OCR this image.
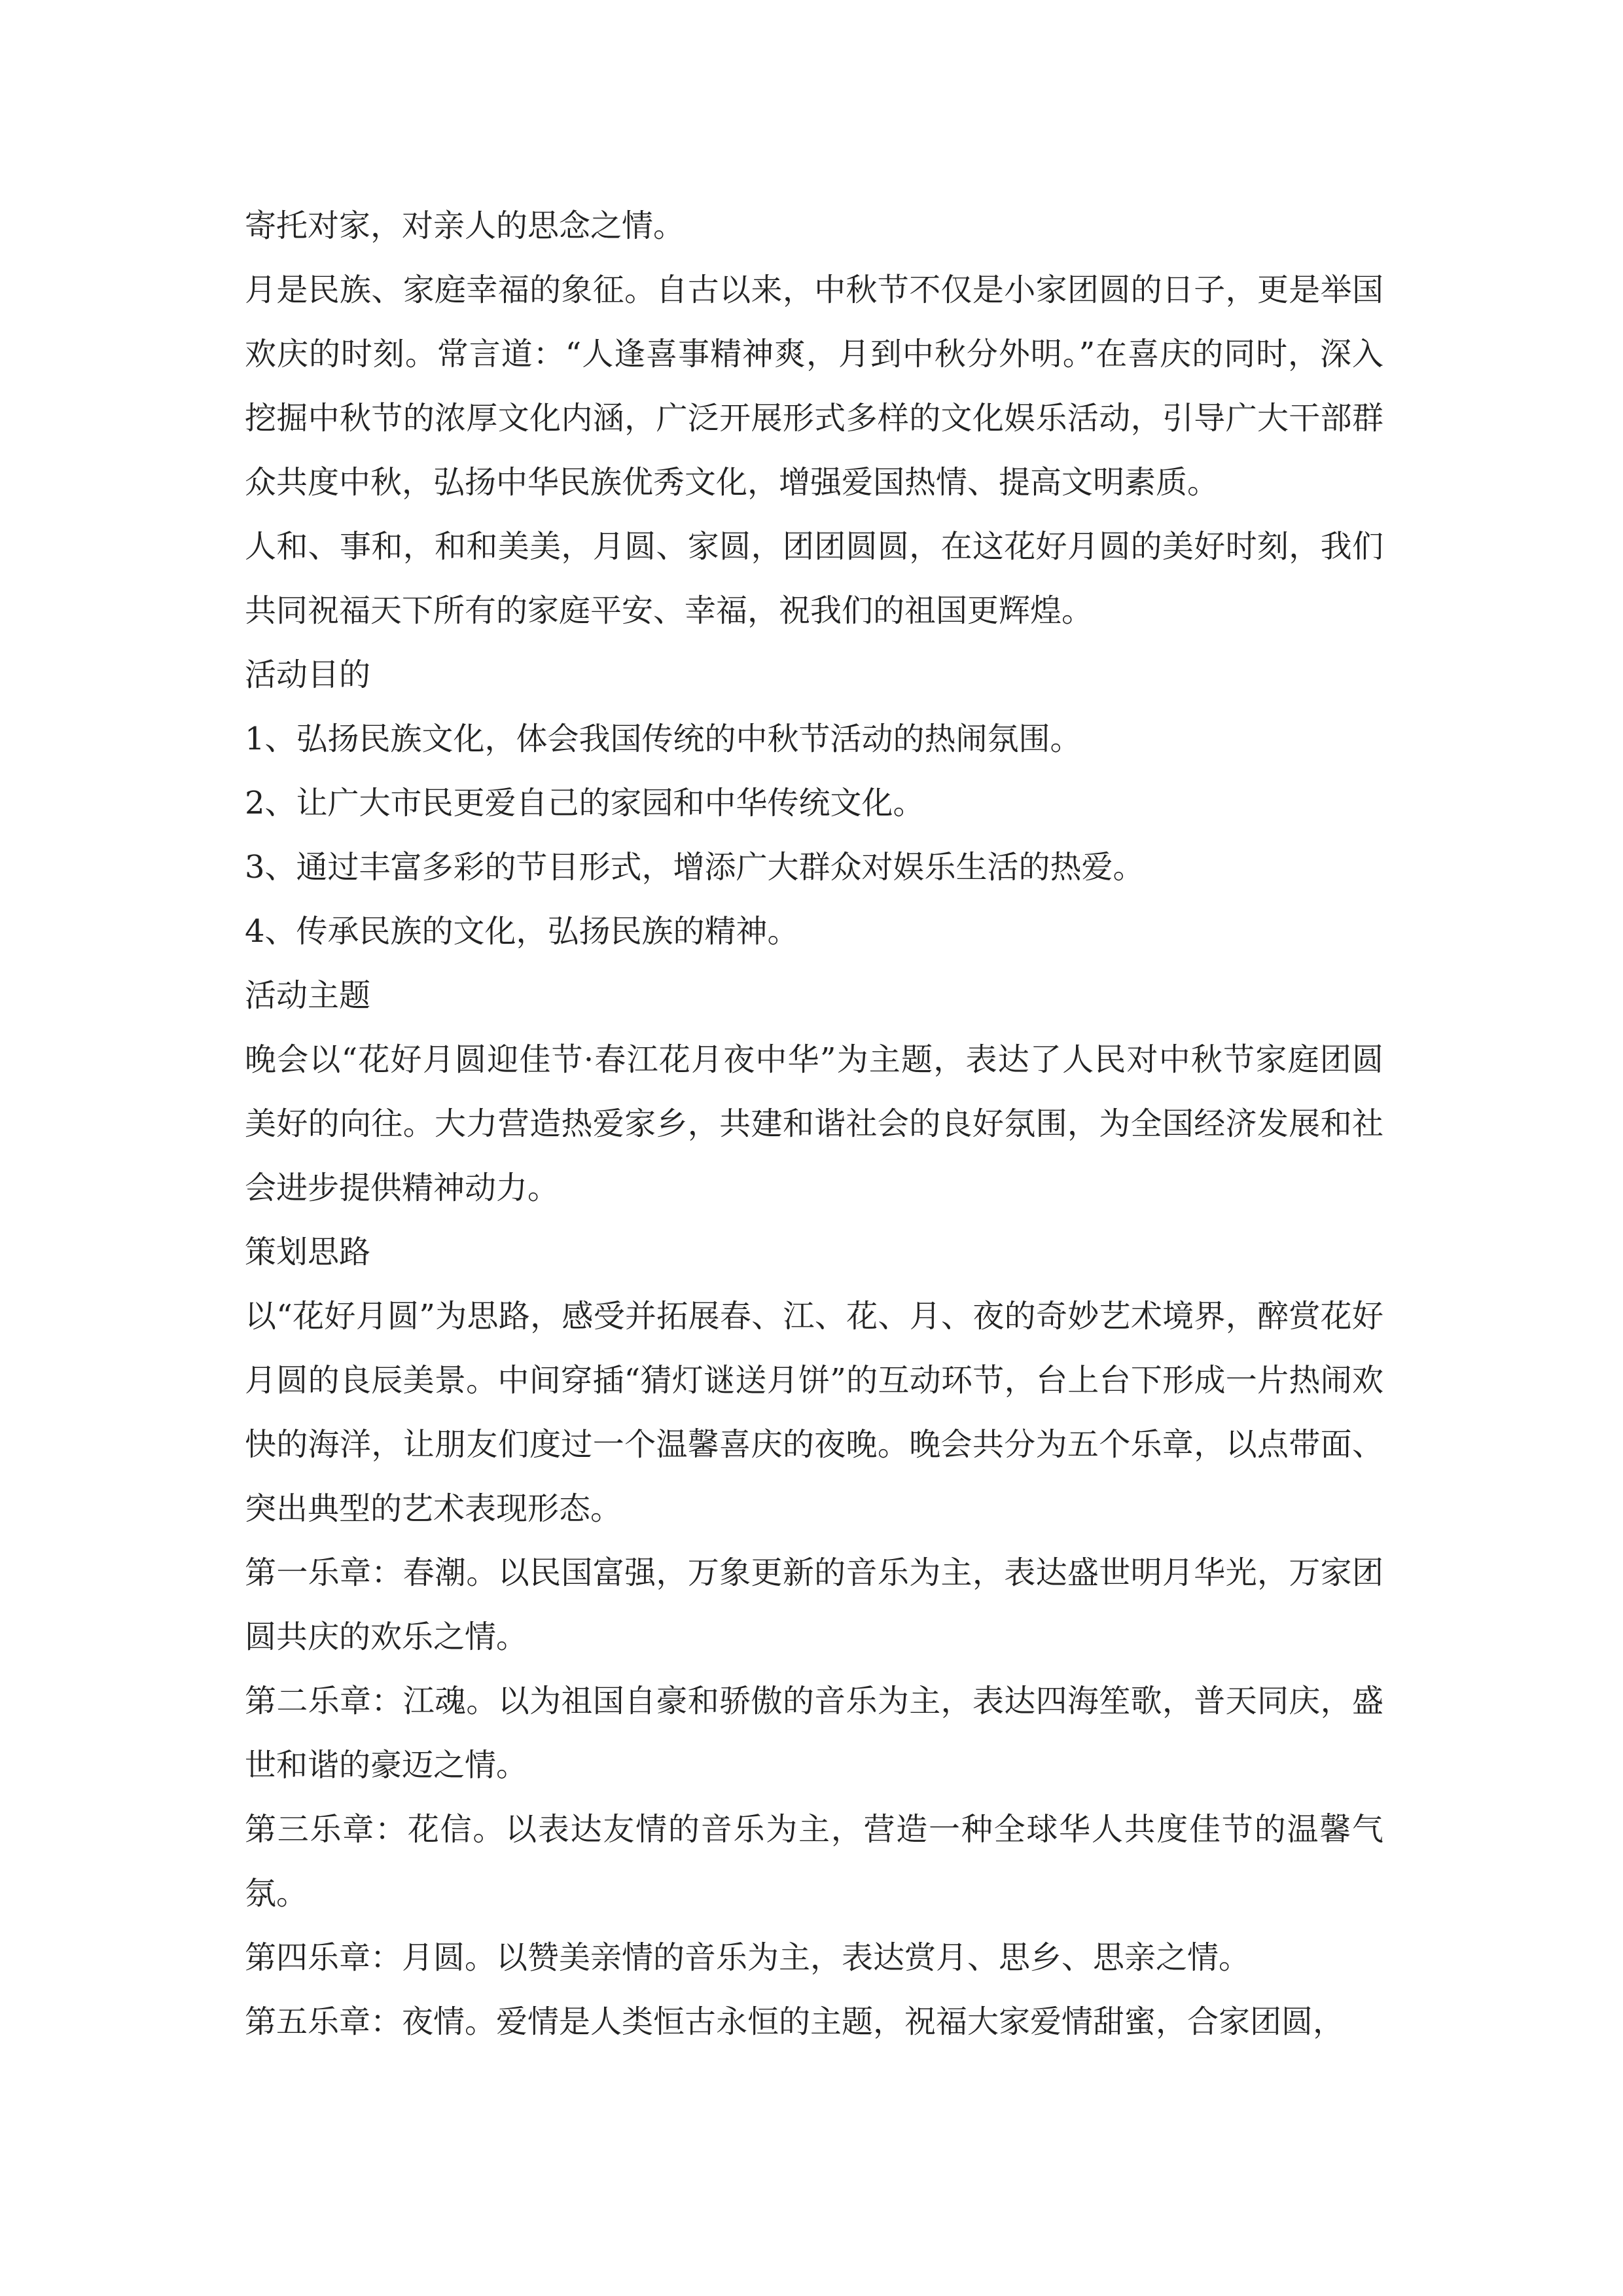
寄托对家，对亲人的思念之情。

月是民族、家庭幸福的象征。自古以来，中秋节不仅是小家团圆的日子，更是举国欢庆的时刻。常言道：“人逢喜事精神爽，月到中秋分外明。”在喜庆的同时，深入挖掘中秋节的浓厚文化内涵，广泛开展形式多样的文化娱乐活动，引导广大干部群众共度中秋，弘扬中华民族优秀文化，增强爱国热情、提高文明素质。

人和、事和，和和美美，月圆、家圆，团团圆圆，在这花好月圆的美好时刻，我们共同祝福天下所有的家庭平安、幸福，祝我们的祖国更辉煌。

活动目的

1、弘扬民族文化，体会我国传统的中秋节活动的热闹氛围。

2、让广大市民更爱自己的家园和中华传统文化。

3、通过丰富多彩的节目形式，增添广大群众对娱乐生活的热爱。

4、传承民族的文化，弘扬民族的精神。

活动主题

晚会以“花好月圆迎佳节·春江花月夜中华”为主题，表达了人民对中秋节家庭团圆美好的向往。大力营造热爱家乡，共建和谐社会的良好氛围，为全国经济发展和社会进步提供精神动力。

策划思路

以“花好月圆”为思路，感受并拓展春、江、花、月、夜的奇妙艺术境界，醉赏花好月圆的良辰美景。中间穿插“猜灯谜送月饼”的互动环节，台上台下形成一片热闹欢快的海洋，让朋友们度过一个温馨喜庆的夜晚。晚会共分为五个乐章，以点带面、突出典型的艺术表现形态。

第一乐章：春潮。以民国富强，万象更新的音乐为主，表达盛世明月华光，万家团圆共庆的欢乐之情。

第二乐章：江魂。以为祖国自豪和骄傲的音乐为主，表达四海笙歌，普天同庆，盛世和谐的豪迈之情。

第三乐章：花信。以表达友情的音乐为主，营造一种全球华人共度佳节的温馨气氛。

第四乐章：月圆。以赞美亲情的音乐为主，表达赏月、思乡、思亲之情。

第五乐章：夜情。爱情是人类恒古永恒的主题，祝福大家爱情甜蜜，合家团圆，
